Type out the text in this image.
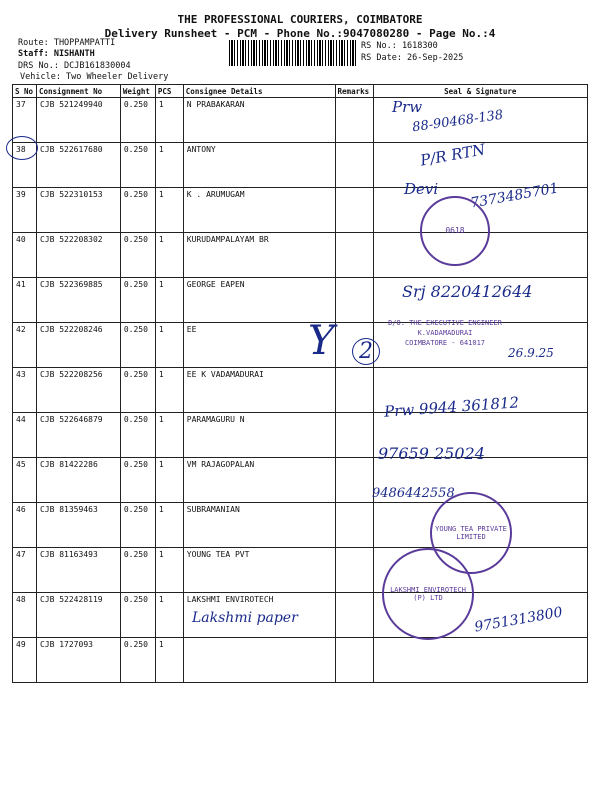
THE PROFESSIONAL COURIERS, COIMBATORE
Delivery Runsheet - PCM - Phone No.:9047080280 - Page No.:4
Route: THOPPAMPATTI
Staff: NISHANTH
DRS No.: DCJB161830004
Vehicle: Two Wheeler Delivery
RS No.: 1618300
RS Date: 26-Sep-2025
S No	Consignment No	Weight	PCS	Consignee Details	Remarks	Seal & Signature
37	CJB 521249940	0.250	1	N PRABAKARAN		
38	CJB 522617680	0.250	1	ANTONY		
39	CJB 522310153	0.250	1	K . ARUMUGAM		
40	CJB 522208302	0.250	1	KURUDAMPALAYAM BR		
41	CJB 522369885	0.250	1	GEORGE EAPEN		
42	CJB 522208246	0.250	1	EE		
43	CJB 522208256	0.250	1	EE K VADAMADURAI		
44	CJB 522646879	0.250	1	PARAMAGURU N		
45	CJB 81422286	0.250	1	VM RAJAGOPALAN		
46	CJB 81359463	0.250	1	SUBRAMANIAN		
47	CJB 81163493	0.250	1	YOUNG TEA PVT		
48	CJB 522428119	0.250	1	LAKSHMI ENVIROTECH		
49	CJB 1727093	0.250	1			
Prw
88-90468-138
P/R RTN
Devi 7373485701
Srj 8220412644
Y	2	26.9.25
Prw 9944 361812
97659 25024
9486442558
Lakshmi paper	9751313800
0618
D/O. THE EXECUTIVE ENGINEER
K.VADAMADURAI
COIMBATORE - 641017
YOUNG TEA PRIVATE LIMITED
LAKSHMI ENVIROTECH (P) LTD
